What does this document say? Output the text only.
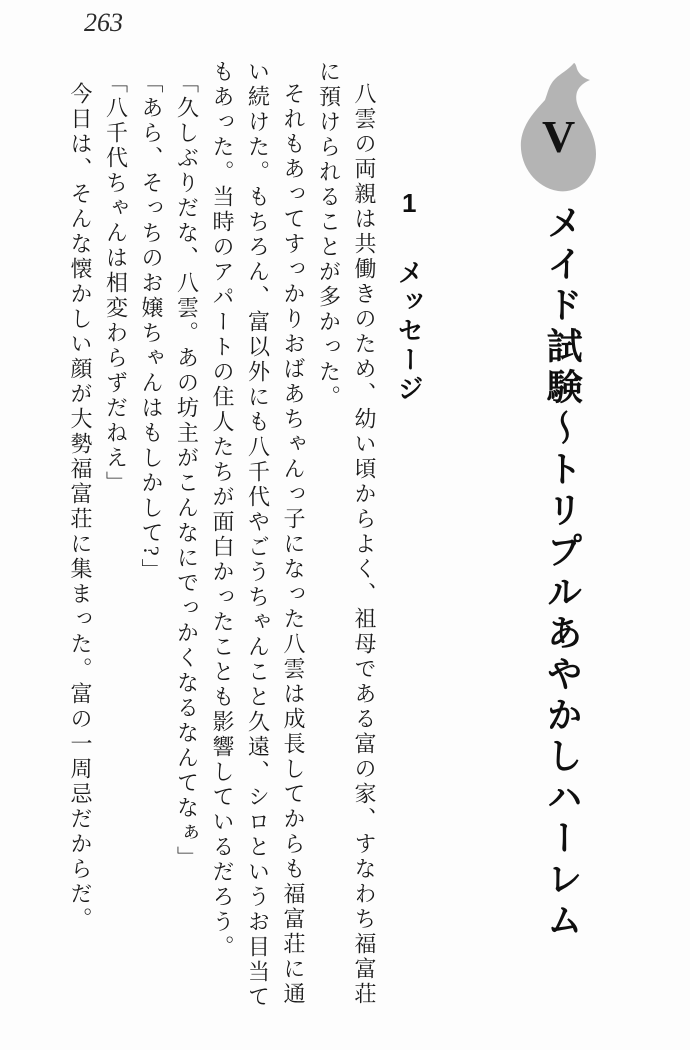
263
V
メイド試験〜トリプルあやかしハーレム
1 メッセージ

八雲の両親は共働きのため、幼い頃からよく、祖母である富の家、すなわち福富荘に預けられることが多かった。

それもあってすっかりおばあちゃんっ子になった八雲は成長してからも福富荘に通い続けた。もちろん、富以外にも八千代やごうちゃんこと久遠、シロというお目当てもあった。当時のアパートの住人たちが面白かったことも影響しているだろう。

「久しぶりだな、八雲。あの坊主がこんなにでっかくなるなんてなぁ」

「あら、そっちのお嬢ちゃんはもしかして?」

「八千代ちゃんは相変わらずだねえ」

今日は、そんな懐かしい顔が大勢福富荘に集まった。富の一周忌だからだ。
